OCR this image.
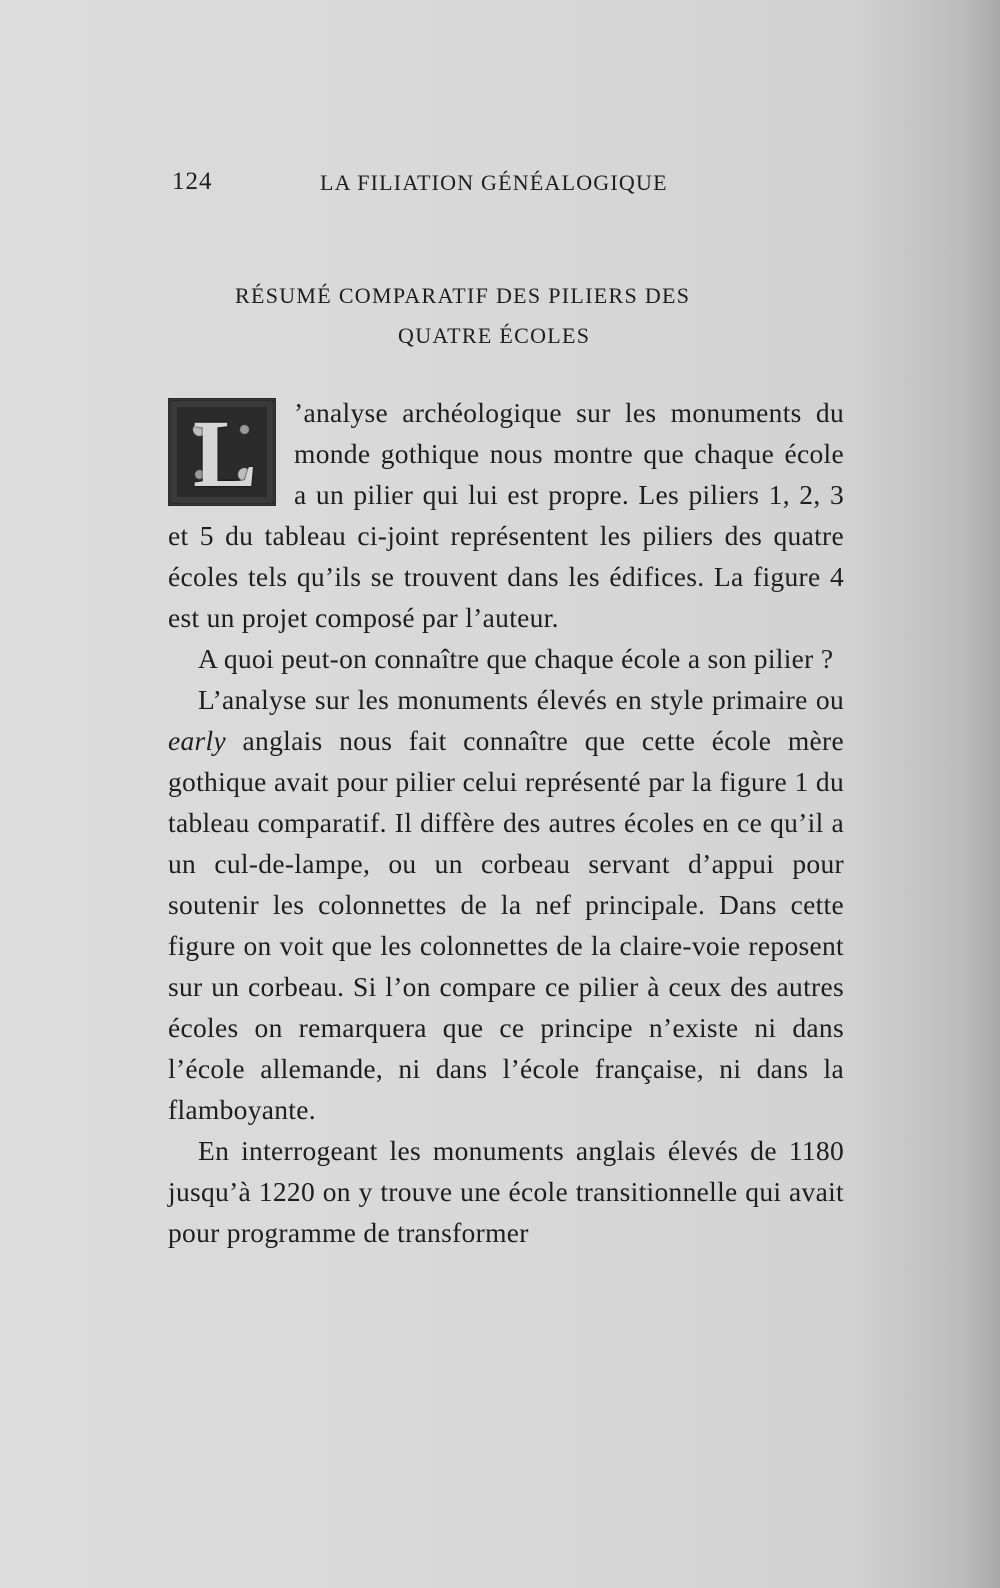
124	LA FILIATION GÉNÉALOGIQUE
RÉSUMÉ COMPARATIF DES PILIERS DES
QUATRE ÉCOLES

L ’analyse archéologique sur les monuments du monde gothique nous montre que chaque école a un pilier qui lui est propre. Les piliers 1, 2, 3 et 5 du tableau ci-joint représentent les piliers des quatre écoles tels qu’ils se trouvent dans les édifices. La figure 4 est un projet composé par l’auteur.

A quoi peut-on connaître que chaque école a son pilier ?

L’analyse sur les monuments élevés en style primaire ou early anglais nous fait connaître que cette école mère gothique avait pour pilier celui représenté par la figure 1 du tableau comparatif. Il diffère des autres écoles en ce qu’il a un cul-de-lampe, ou un corbeau servant d’appui pour soutenir les colonnettes de la nef principale. Dans cette figure on voit que les colonnettes de la claire-voie reposent sur un corbeau. Si l’on compare ce pilier à ceux des autres écoles on remarquera que ce principe n’existe ni dans l’école allemande, ni dans l’école française, ni dans la flamboyante.

En interrogeant les monuments anglais élevés de 1180 jusqu’à 1220 on y trouve une école transitionnelle qui avait pour programme de transformer
